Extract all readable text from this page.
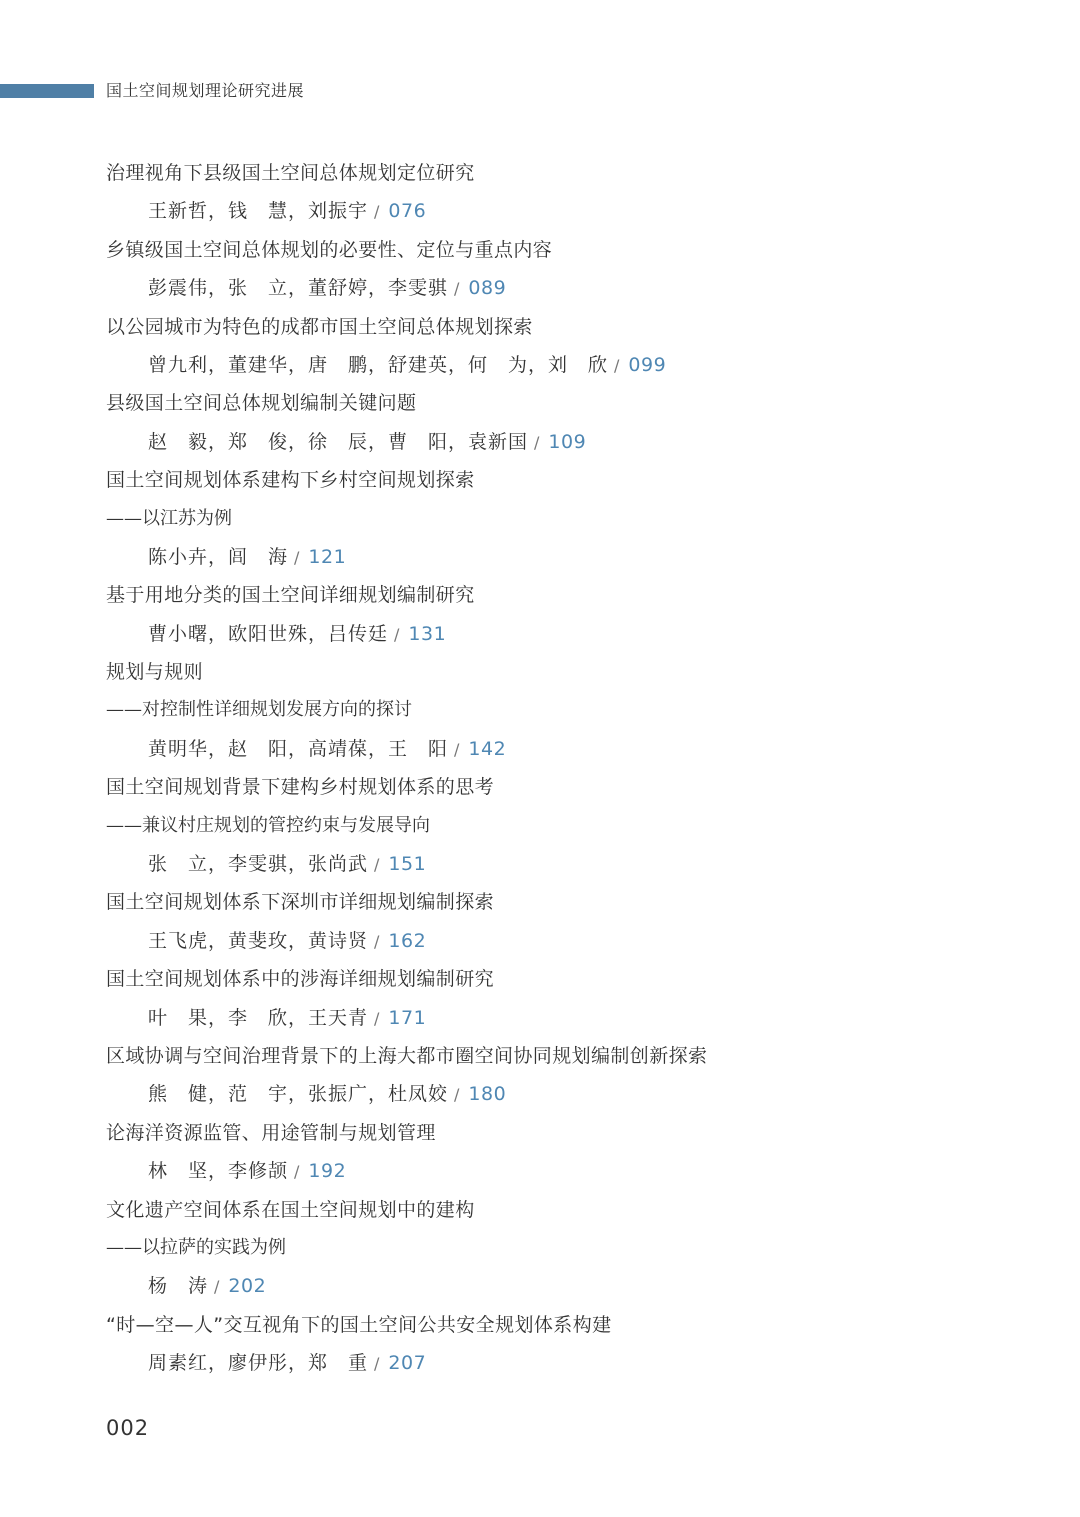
国土空间规划理论研究进展
治理视角下县级国土空间总体规划定位研究
王新哲，钱　慧，刘振宇 / 076
乡镇级国土空间总体规划的必要性、定位与重点内容
彭震伟，张　立，董舒婷，李雯骐 / 089
以公园城市为特色的成都市国土空间总体规划探索
曾九利，董建华，唐　鹏，舒建英，何　为，刘　欣 / 099
县级国土空间总体规划编制关键问题
赵　毅，郑　俊，徐　辰，曹　阳，袁新国 / 109
国土空间规划体系建构下乡村空间规划探索
——以江苏为例
陈小卉，闾　海 / 121
基于用地分类的国土空间详细规划编制研究
曹小曙，欧阳世殊，吕传廷 / 131
规划与规则
——对控制性详细规划发展方向的探讨
黄明华，赵　阳，高靖葆，王　阳 / 142
国土空间规划背景下建构乡村规划体系的思考
——兼议村庄规划的管控约束与发展导向
张　立，李雯骐，张尚武 / 151
国土空间规划体系下深圳市详细规划编制探索
王飞虎，黄斐玫，黄诗贤 / 162
国土空间规划体系中的涉海详细规划编制研究
叶　果，李　欣，王天青 / 171
区域协调与空间治理背景下的上海大都市圈空间协同规划编制创新探索
熊　健，范　宇，张振广，杜凤姣 / 180
论海洋资源监管、用途管制与规划管理
林　坚，李修颉 / 192
文化遗产空间体系在国土空间规划中的建构
——以拉萨的实践为例
杨　涛 / 202
“时—空—人”交互视角下的国土空间公共安全规划体系构建
周素红，廖伊彤，郑　重 / 207
002
